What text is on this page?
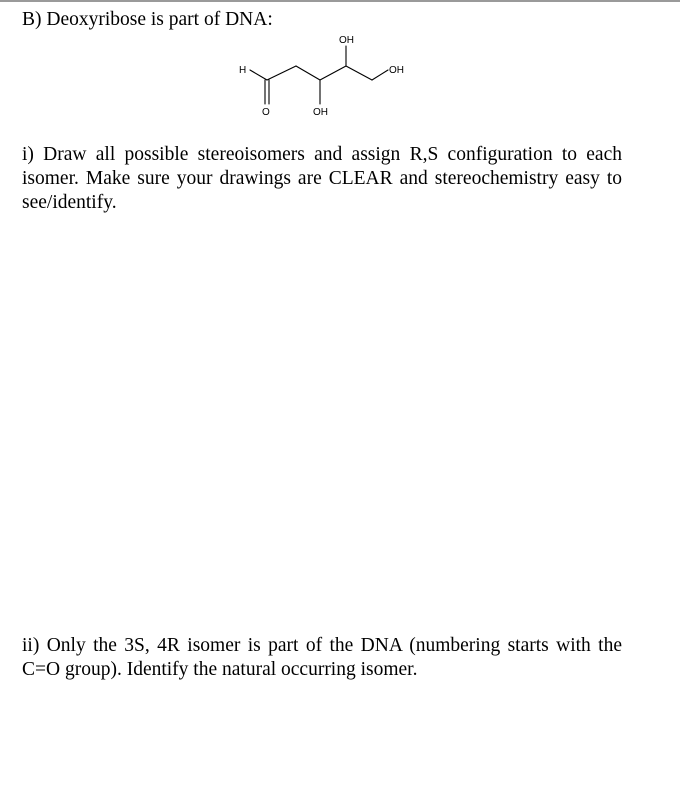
B) Deoxyribose is part of DNA:
H
O	OH
OH
OH
i) Draw all possible stereoisomers and assign R,S configuration to each isomer. Make sure your drawings are CLEAR and stereochemistry easy to see/identify.
ii) Only the 3S, 4R isomer is part of the DNA (numbering starts with the C=O group). Identify the natural occurring isomer.
